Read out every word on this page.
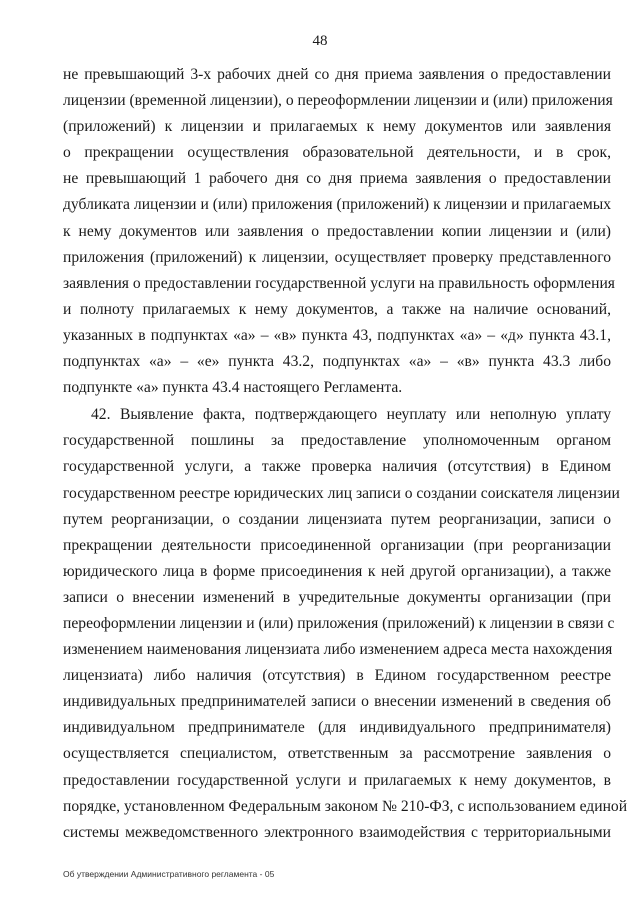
48
не превышающий 3-х рабочих дней со дня приема заявления о предоставлении
лицензии (временной лицензии), о переоформлении лицензии и (или) приложения
(приложений) к лицензии и прилагаемых к нему документов или заявления
о прекращении осуществления образовательной деятельности, и в срок,
не превышающий 1 рабочего дня со дня приема заявления о предоставлении
дубликата лицензии и (или) приложения (приложений) к лицензии и прилагаемых
к нему документов или заявления о предоставлении копии лицензии и (или)
приложения (приложений) к лицензии, осуществляет проверку представленного
заявления о предоставлении государственной услуги на правильность оформления
и полноту прилагаемых к нему документов, а также на наличие оснований,
указанных в подпунктах «а» – «в» пункта 43, подпунктах «а» – «д» пункта 43.1,
подпунктах «а» – «е» пункта 43.2, подпунктах «а» – «в» пункта 43.3 либо
подпункте «а» пункта 43.4 настоящего Регламента.
42. Выявление факта, подтверждающего неуплату или неполную уплату
государственной пошлины за предоставление уполномоченным органом
государственной услуги, а также проверка наличия (отсутствия) в Едином
государственном реестре юридических лиц записи о создании соискателя лицензии
путем реорганизации, о создании лицензиата путем реорганизации, записи о
прекращении деятельности присоединенной организации (при реорганизации
юридического лица в форме присоединения к ней другой организации), а также
записи о внесении изменений в учредительные документы организации (при
переоформлении лицензии и (или) приложения (приложений) к лицензии в связи с
изменением наименования лицензиата либо изменением адреса места нахождения
лицензиата) либо наличия (отсутствия) в Едином государственном реестре
индивидуальных предпринимателей записи о внесении изменений в сведения об
индивидуальном предпринимателе (для индивидуального предпринимателя)
осуществляется специалистом, ответственным за рассмотрение заявления о
предоставлении государственной услуги и прилагаемых к нему документов, в
порядке, установленном Федеральным законом № 210-ФЗ, с использованием единой
системы межведомственного электронного взаимодействия с территориальными
Об утверждении Административного регламента - 05
